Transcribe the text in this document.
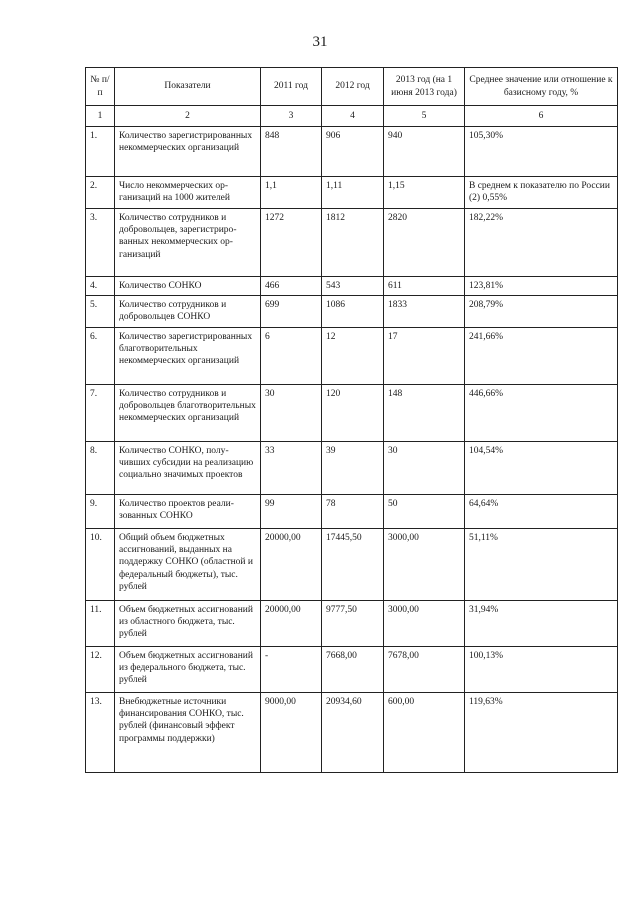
31
№ п/п	Показатели	2011 год	2012 год	2013 год (на 1 июня 2013 года)	Среднее значение или отношение к базисному году, %
1	2	3	4	5	6
1.	Количество зарегистрированных некоммерческих организаций	848	906	940	105,30%
2.	Число некоммерческих организаций на 1000 жителей	1,1	1,11	1,15	В среднем к показателю по России (2) 0,55%
3.	Количество сотрудников и добровольцев, зарегистрированных некоммерческих организаций	1272	1812	2820	182,22%
4.	Количество СОНКО	466	543	611	123,81%
5.	Количество сотрудников и добровольцев СОНКО	699	1086	1833	208,79%
6.	Количество зарегистрированных благотворительных некоммерческих организаций	6	12	17	241,66%
7.	Количество сотрудников и добровольцев благотворительных некоммерческих организаций	30	120	148	446,66%
8.	Количество СОНКО, получивших субсидии на реализацию социально значимых проектов	33	39	30	104,54%
9.	Количество проектов реализованных СОНКО	99	78	50	64,64%
10.	Общий объем бюджетных ассигнований, выданных на поддержку СОНКО (областной и федеральный бюджеты), тыс. рублей	20000,00	17445,50	3000,00	51,11%
11.	Объем бюджетных ассигнований из областного бюджета, тыс. рублей	20000,00	9777,50	3000,00	31,94%
12.	Объем бюджетных ассигнований из федерального бюджета, тыс. рублей	-	7668,00	7678,00	100,13%
13.	Внебюджетные источники финансирования СОНКО, тыс. рублей (финансовый эффект программы поддержки)	9000,00	20934,60	600,00	119,63%
